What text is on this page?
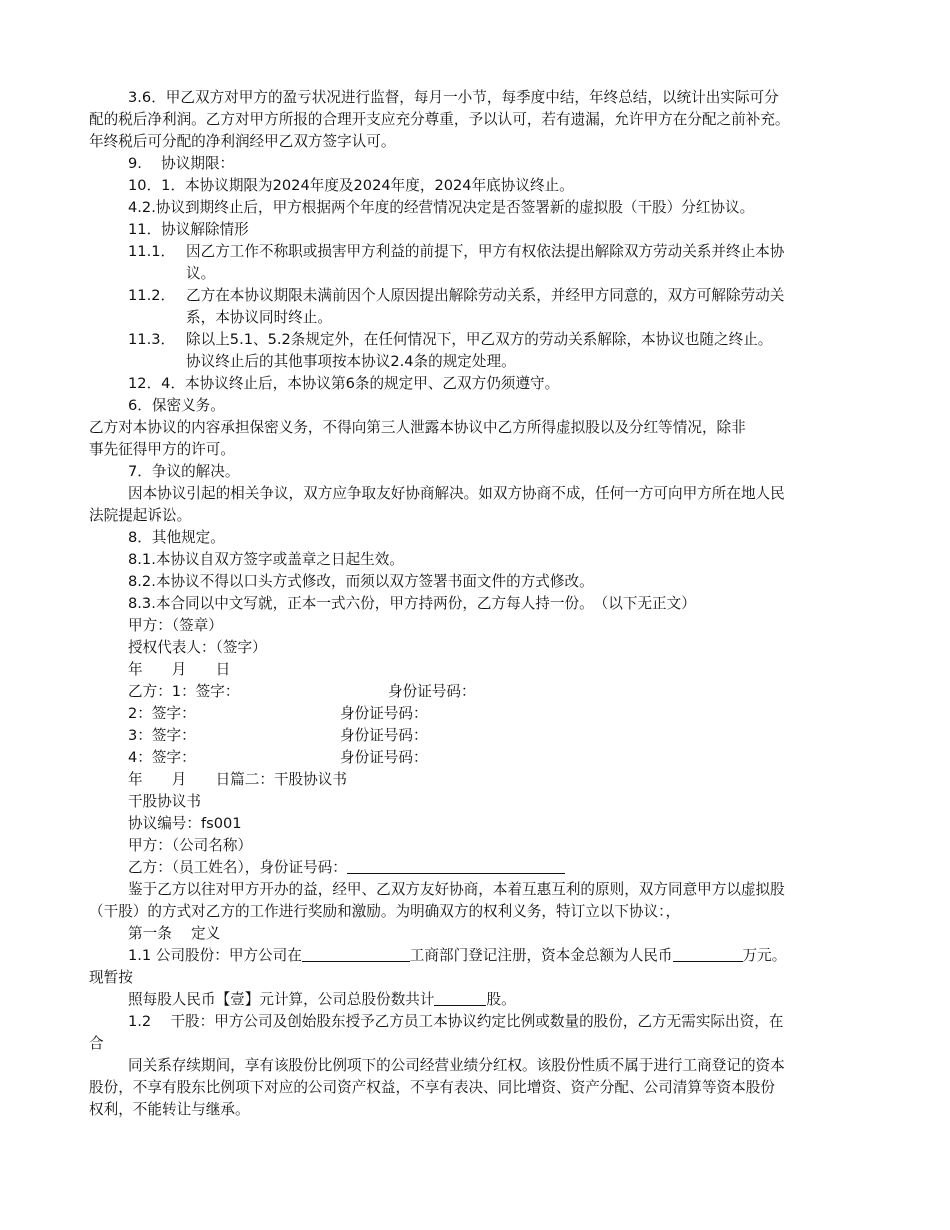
3.6．甲乙双方对甲方的盈亏状况进行监督，每月一小节，每季度中结，年终总结，以统计出实际可分

配的税后净利润。乙方对甲方所报的合理开支应充分尊重，予以认可，若有遗漏，允许甲方在分配之前补充。

年终税后可分配的净利润经甲乙双方签字认可。

9.　 协议期限：

10．1．本协议期限为2024年度及2024年度，2024年底协议终止。

4.2.协议到期终止后，甲方根据两个年度的经营情况决定是否签署新的虚拟股（干股）分红协议。

11．协议解除情形

11.1． 因乙方工作不称职或损害甲方利益的前提下，甲方有权依法提出解除双方劳动关系并终止本协

议。

11.2． 乙方在本协议期限未满前因个人原因提出解除劳动关系，并经甲方同意的，双方可解除劳动关

系，本协议同时终止。

11.3． 除以上5.1、5.2条规定外，在任何情况下，甲乙双方的劳动关系解除，本协议也随之终止。

协议终止后的其他事项按本协议2.4条的规定处理。

12．4．本协议终止后，本协议第6条的规定甲、乙双方仍须遵守。

6．保密义务。

乙方对本协议的内容承担保密义务，不得向第三人泄露本协议中乙方所得虚拟股以及分红等情况，除非

事先征得甲方的许可。

7．争议的解决。

因本协议引起的相关争议，双方应争取友好协商解决。如双方协商不成，任何一方可向甲方所在地人民

法院提起诉讼。

8．其他规定。

8.1.本协议自双方签字或盖章之日起生效。

8.2.本协议不得以口头方式修改，而须以双方签署书面文件的方式修改。

8.3.本合同以中文写就，正本一式六份，甲方持两份，乙方每人持一份。　（以下无正文）

甲方：（签章）

授权代表人：（签字）

年　　月　　日

乙方：1：签字：	身份证号码：

2：签字：	身份证号码：

3：签字：	身份证号码：

4：签字：	身份证号码：

年　　月　　日篇二：干股协议书

干股协议书

协议编号：fs001

甲方：（公司名称）

乙方：（员工姓名），身份证号码：

鉴于乙方以往对甲方开办的益，经甲、乙双方友好协商，本着互惠互利的原则，双方同意甲方以虚拟股

（干股）的方式对乙方的工作进行奖励和激励。为明确双方的权利义务，特订立以下协议：，

第一条　 定义

1.1 公司股份：甲方公司在	工商部门登记注册，资本金总额为人民币	万元。

现暂按

照每股人民币【壹】元计算，公司总股份数共计	股。

1.2　 干股：甲方公司及创始股东授予乙方员工本协议约定比例或数量的股份，乙方无需实际出资，在

合

同关系存续期间，享有该股份比例项下的公司经营业绩分红权。该股份性质不属于进行工商登记的资本

股份，不享有股东比例项下对应的公司资产权益，不享有表决、同比增资、资产分配、公司清算等资本股份

权利，不能转让与继承。
